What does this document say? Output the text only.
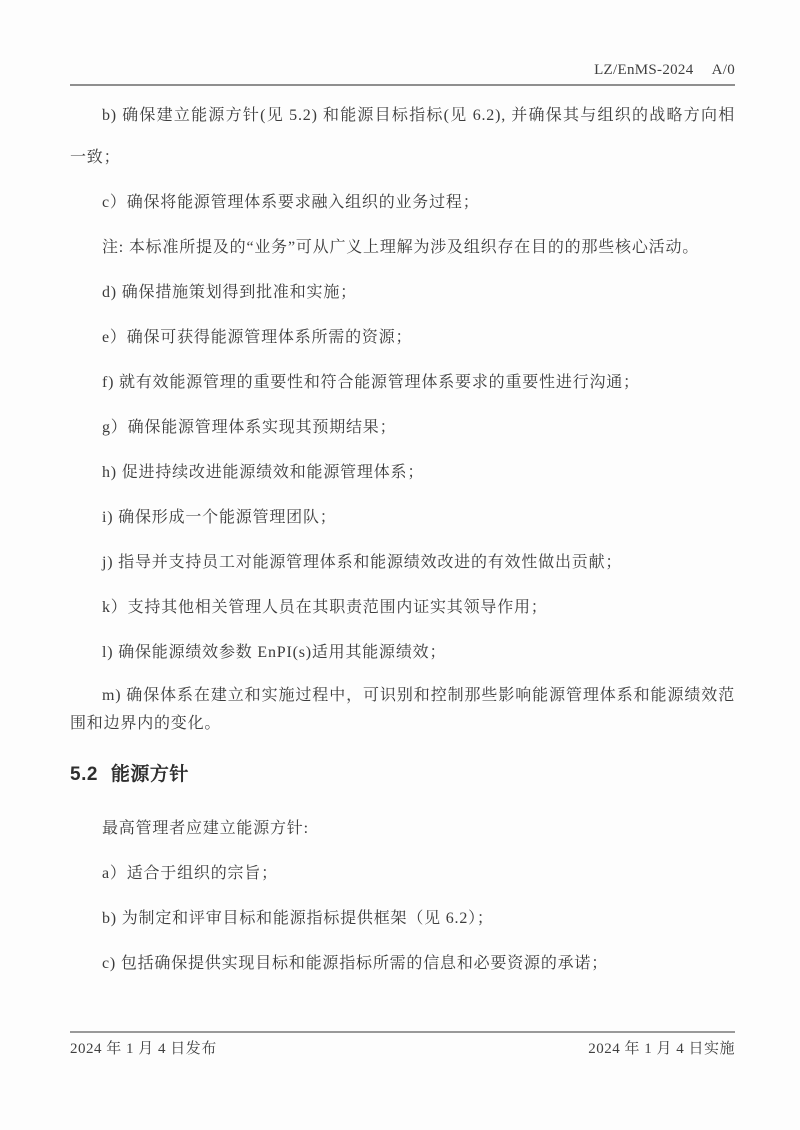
LZ/EnMS-2024 A/0

b) 确保建立能源方针(见 5.2) 和能源目标指标(见 6.2), 并确保其与组织的战略方向相一致；

c）确保将能源管理体系要求融入组织的业务过程；

注: 本标准所提及的“业务”可从广义上理解为涉及组织存在目的的那些核心活动。

d) 确保措施策划得到批准和实施；

e）确保可获得能源管理体系所需的资源；

f) 就有效能源管理的重要性和符合能源管理体系要求的重要性进行沟通；

g）确保能源管理体系实现其预期结果；

h) 促进持续改进能源绩效和能源管理体系；

i) 确保形成一个能源管理团队；

j) 指导并支持员工对能源管理体系和能源绩效改进的有效性做出贡献；

k）支持其他相关管理人员在其职责范围内证实其领导作用；

l) 确保能源绩效参数 EnPI(s)适用其能源绩效；

m) 确保体系在建立和实施过程中，可识别和控制那些影响能源管理体系和能源绩效范围和边界内的变化。

5.2 能源方针

最高管理者应建立能源方针:

a）适合于组织的宗旨；

b) 为制定和评审目标和能源指标提供框架（见 6.2）；

c) 包括确保提供实现目标和能源指标所需的信息和必要资源的承诺；

2024 年 1 月 4 日发布	2024 年 1 月 4 日实施
